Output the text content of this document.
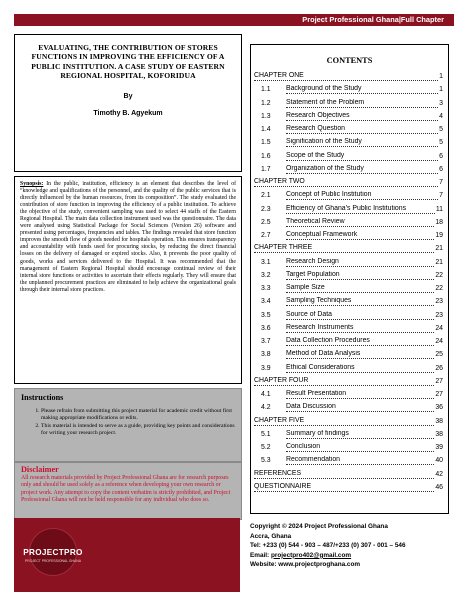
Project Professional Ghana|Full Chapter
EVALUATING, THE CONTRIBUTION OF STORES FUNCTIONS IN IMPROVING THE EFFICIENCY OF A PUBLIC INSTITUTION. A CASE STUDY OF EASTERN REGIONAL HOSPITAL, KOFORIDUA
By
Timothy B. Agyekum
Synopsis: In the public, institution, efficiency is an element that describes the level of “knowledge and qualifications of the personnel, and the quality of the public services that is directly influenced by the human resources, from its composition”. The study evaluated the contribution of store function in improving the efficiency of a public institution. To achieve the objective of the study, convenient sampling was used to select 44 staffs of the Eastern Regional Hospital. The main data collection instrument used was the questionnaire. The data were analysed using Statistical Package for Social Sciences (Version 26) software and presented using percentages, frequencies and tables. The findings revealed that store function improves the smooth flow of goods needed for hospitals operation. This ensures transparency and accountability with funds used for procuring stocks, by reducing the direct financial losses on the delivery of damaged or expired stocks. Also, it prevents the poor quality of goods, works and services delivered to the Hospital. It was recommended that the management of Eastern Regional Hospital should encourage continual review of their internal store functions or activities to ascertain their effects regularly. They will ensure that the unplanned procurement practices are eliminated to help achieve the organizational goals through their internal store practices.
Instructions
1. Please refrain from submitting this project material for academic credit without first making appropriate modifications or edits.
2. This material is intended to serve as a guide, providing key points and considerations for writing your research project.
Disclaimer
All research materials provided by Project Professional Ghana are for research purposes only and should be used solely as a reference when developing your own research or project work. Any attempt to copy the content verbatim is strictly prohibited, and Project Professional Ghana will not be held responsible for any individual who does so.
CONTENTS
CHAPTER ONE	1
1.1	Background of the Study	1
1.2	Statement of the Problem	3
1.3	Research Objectives	4
1.4	Research Question	5
1.5	Signification of the Study	5
1.6	Scope of the Study	6
1.7	Organization of the Study	6
CHAPTER TWO	7
2.1	Concept of Public Institution	7
2.3	Efficiency of Ghana’s Public Institutions	11
2.5	Theoretical Review	18
2.7	Conceptual Framework	19
CHAPTER THREE	21
3.1	Research Design	21
3.2	Target Population	22
3.3	Sample Size	22
3.4	Sampling Techniques	23
3.5	Source of Data	23
3.6	Research Instruments	24
3.7	Data Collection Procedures	24
3.8	Method of Data Analysis	25
3.9	Ethical Considerations	26
CHAPTER FOUR	27
4.1	Result Presentation	27
4.2	Data Discussion	36
CHAPTER FIVE	38
5.1	Summary of findings	38
5.2	Conclusion	39
5.3	Recommendation	40
REFERENCES	42
QUESTIONNAIRE	46
PROJECTPRO
PROJECT PROFESSIONAL GHANA
Copyright © 2024 Project Professional Ghana
Accra, Ghana
Tel: +233 (0) 544 - 903 – 487/+233 (0) 307 - 001 – 546
Email: projectpro402@gmail.com
Website: www.projectproghana.com
